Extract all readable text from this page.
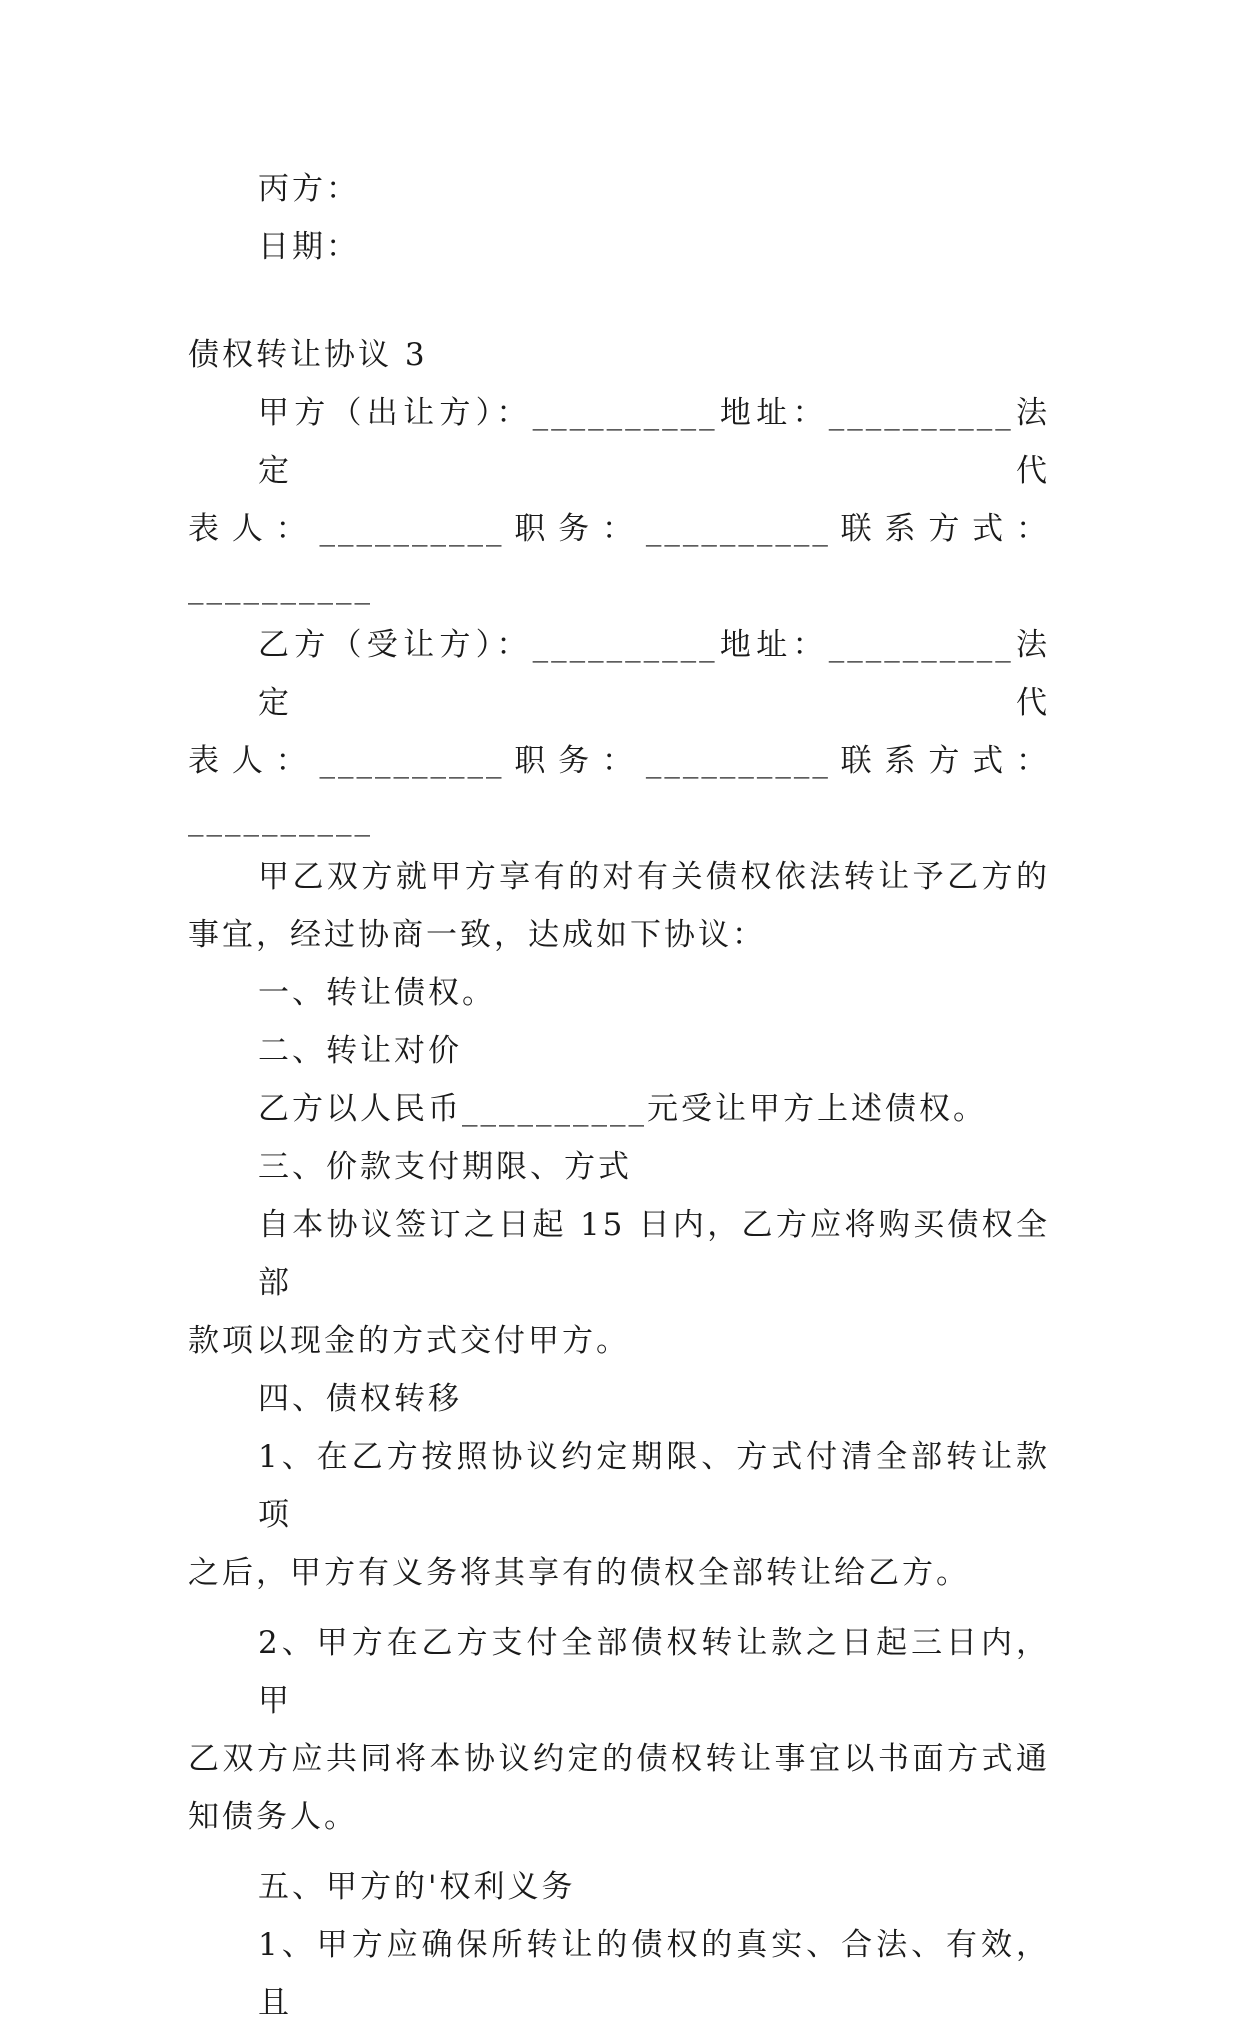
丙方：

日期：

债权转让协议 3

甲方（出让方）：__________地址：__________法定代

表人：__________职务：__________联系方式：__________

乙方（受让方）：__________地址：__________法定代

表人：__________职务：__________联系方式：__________

甲乙双方就甲方享有的对有关债权依法转让予乙方的

事宜，经过协商一致，达成如下协议：

一、转让债权。

二、转让对价

乙方以人民币__________元受让甲方上述债权。

三、价款支付期限、方式

自本协议签订之日起 15 日内，乙方应将购买债权全部

款项以现金的方式交付甲方。

四、债权转移

1、在乙方按照协议约定期限、方式付清全部转让款项

之后，甲方有义务将其享有的债权全部转让给乙方。

2、甲方在乙方支付全部债权转让款之日起三日内，甲

乙双方应共同将本协议约定的债权转让事宜以书面方式通

知债务人。

五、甲方的'权利义务

1、甲方应确保所转让的债权的真实、合法、有效，且
